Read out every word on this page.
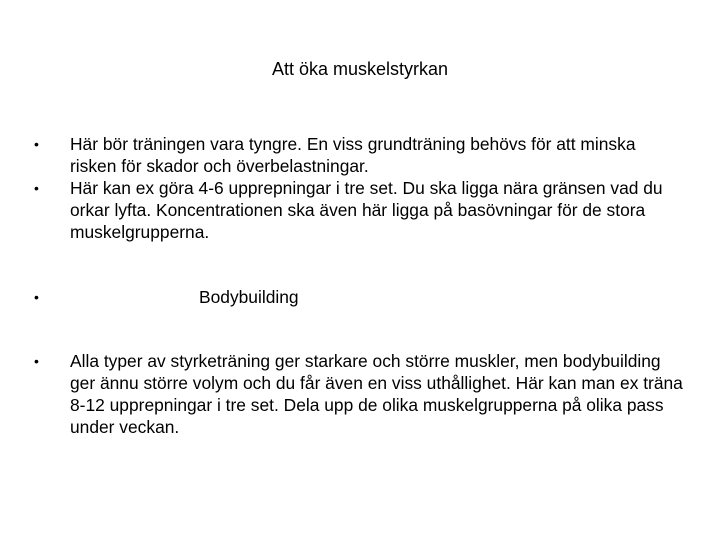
Att öka muskelstyrkan
•	Här bör träningen vara tyngre. En viss grundträning behövs för att minska risken för skador och överbelastningar.
•	Här kan ex göra 4-6 upprepningar i tre set. Du ska ligga nära gränsen vad du orkar lyfta. Koncentrationen ska även här ligga på basövningar för de stora muskelgrupperna.
•	Bodybuilding
•	Alla typer av styrketräning ger starkare och större muskler, men bodybuilding ger ännu större volym och du får även en viss uthållighet. Här kan man ex träna 8-12 upprepningar i tre set. Dela upp de olika muskelgrupperna på olika pass under veckan.
